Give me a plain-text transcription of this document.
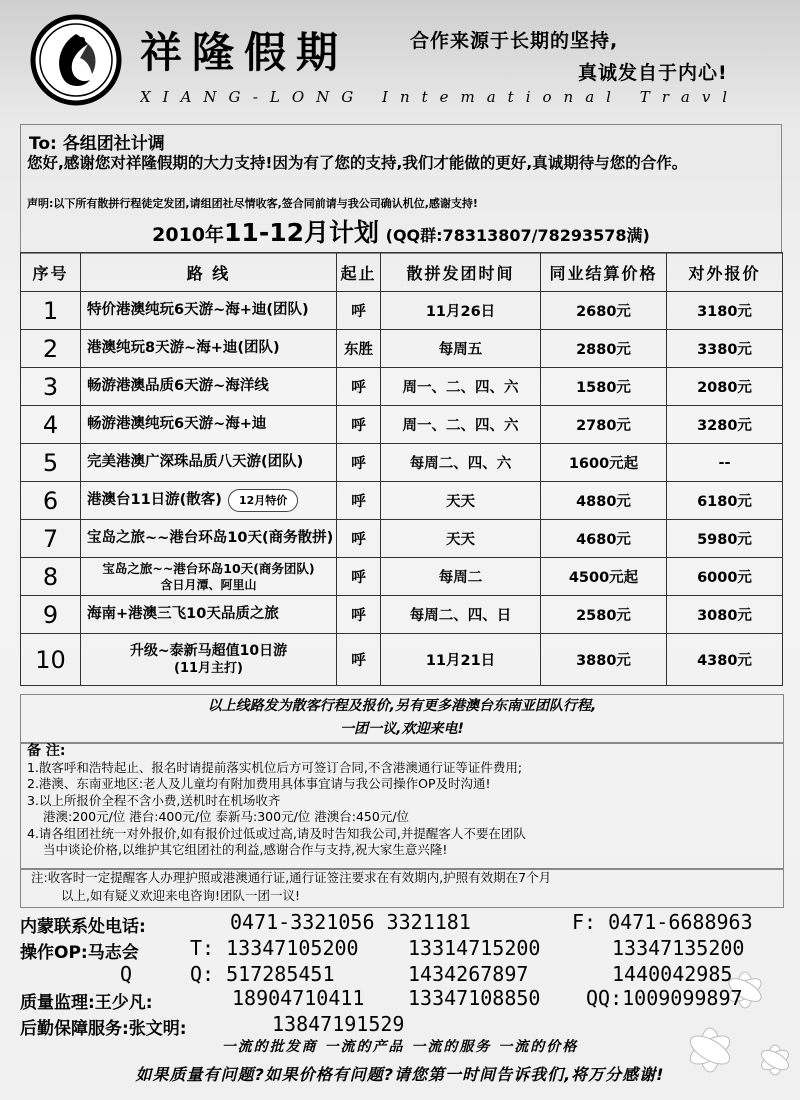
祥隆假期	合作来源于长期的坚持,
真诚发自于内心!
XIANG-LONG Intemational Travl
To: 各组团社计调
您好,感谢您对祥隆假期的大力支持!因为有了您的支持,我们才能做的更好,真诚期待与您的合作。
声明:以下所有散拼行程徒定发团,请组团社尽情收客,签合同前请与我公司确认机位,感谢支持!
2010年11-12月计划 (QQ群:78313807/78293578满)
序号	路 线	起止	散拼发团时间	同业结算价格	对外报价
1	特价港澳纯玩6天游~海+迪(团队)	呼	11月26日	2680元	3180元
2	港澳纯玩8天游~海+迪(团队)	东胜	每周五	2880元	3380元
3	畅游港澳品质6天游~海洋线	呼	周一、二、四、六	1580元	2080元
4	畅游港澳纯玩6天游~海+迪	呼	周一、二、四、六	2780元	3280元
5	完美港澳广深珠品质八天游(团队)	呼	每周二、四、六	1600元起	--
6	港澳台11日游(散客) 12月特价	呼	天天	4880元	6180元
7	宝岛之旅~~港台环岛10天(商务散拼)	呼	天天	4680元	5980元
8	宝岛之旅~~港台环岛10天(商务团队)
含日月潭、阿里山	呼	每周二	4500元起	6000元
9	海南+港澳三飞10天品质之旅	呼	每周二、四、日	2580元	3080元
10	升级~泰新马超值10日游
(11月主打)	呼	11月21日	3880元	4380元
以上线路发为散客行程及报价,另有更多港澳台东南亚团队行程,
一团一议,欢迎来电!
备 注:
1.散客呼和浩特起止、报名时请提前落实机位后方可签订合同,不含港澳通行证等证件费用;
2.港澳、东南亚地区:老人及儿童均有附加费用具体事宜请与我公司操作OP及时沟通!
3.以上所报价全程不含小费,送机时在机场收齐
港澳:200元/位 港台:400元/位 泰新马:300元/位 港澳台:450元/位
4.请各组团社统一对外报价,如有报价过低或过高,请及时告知我公司,并提醒客人不要在团队
当中谈论价格,以维护其它组团社的利益,感谢合作与支持,祝大家生意兴隆!
注:收客时一定提醒客人办理护照或港澳通行证,通行证签注要求在有效期内,护照有效期在7个月
以上,如有疑义欢迎来电咨询!团队一团一议!
内蒙联系处电话:	0471-3321056 3321181	F: 0471-6688963
操作OP:马志会	T: 13347105200 13314715200	13347135200
Q	Q: 517285451	1434267897	1440042985
质量监理:王少凡:	18904710411 13347108850 QQ:1009099897
后勤保障服务:张文明:	13847191529
一流的批发商 一流的产品 一流的服务 一流的价格
如果质量有问题?如果价格有问题?请您第一时间告诉我们,将万分感谢!
